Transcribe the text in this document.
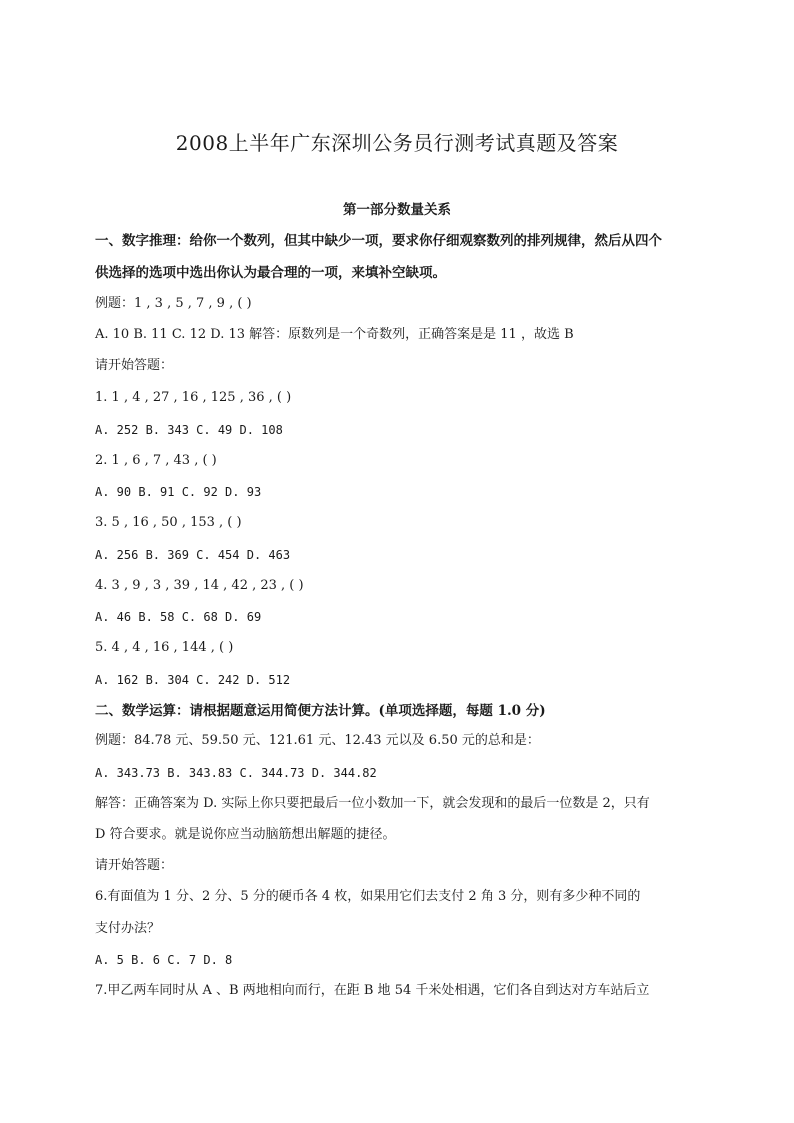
2008上半年广东深圳公务员行测考试真题及答案
第一部分数量关系
一、数字推理：给你一个数列，但其中缺少一项，要求你仔细观察数列的排列规律，然后从四个
供选择的选项中选出你认为最合理的一项，来填补空缺项。
例题：1 , 3 , 5 , 7 , 9 , ( )
A. 10 B. 11 C. 12 D. 13 解答：原数列是一个奇数列，正确答案是是 11 ，故选 B
请开始答题：
1. 1 , 4 , 27 , 16 , 125 , 36 , ( )
A. 252 B. 343 C. 49 D. 108
2. 1 , 6 , 7 , 43 , ( )
A. 90 B. 91 C. 92 D. 93
3. 5 , 16 , 50 , 153 , ( )
A. 256 B. 369 C. 454 D. 463
4. 3 , 9 , 3 , 39 , 14 , 42 , 23 , ( )
A. 46 B. 58 C. 68 D. 69
5. 4 , 4 , 16 , 144 , ( )
A. 162 B. 304 C. 242 D. 512
二、数学运算：请根据题意运用简便方法计算。(单项选择题，每题 1.0 分)
例题：84.78 元、59.50 元、121.61 元、12.43 元以及 6.50 元的总和是：
A. 343.73 B. 343.83 C. 344.73 D. 344.82
解答：正确答案为 D. 实际上你只要把最后一位小数加一下，就会发现和的最后一位数是 2，只有
D 符合要求。就是说你应当动脑筋想出解题的捷径。
请开始答题：
6.有面值为 1 分、2 分、5 分的硬币各 4 枚，如果用它们去支付 2 角 3 分，则有多少种不同的
支付办法？
A. 5 B. 6 C. 7 D. 8
7.甲乙两车同时从 A 、B 两地相向而行，在距 B 地 54 千米处相遇，它们各自到达对方车站后立
